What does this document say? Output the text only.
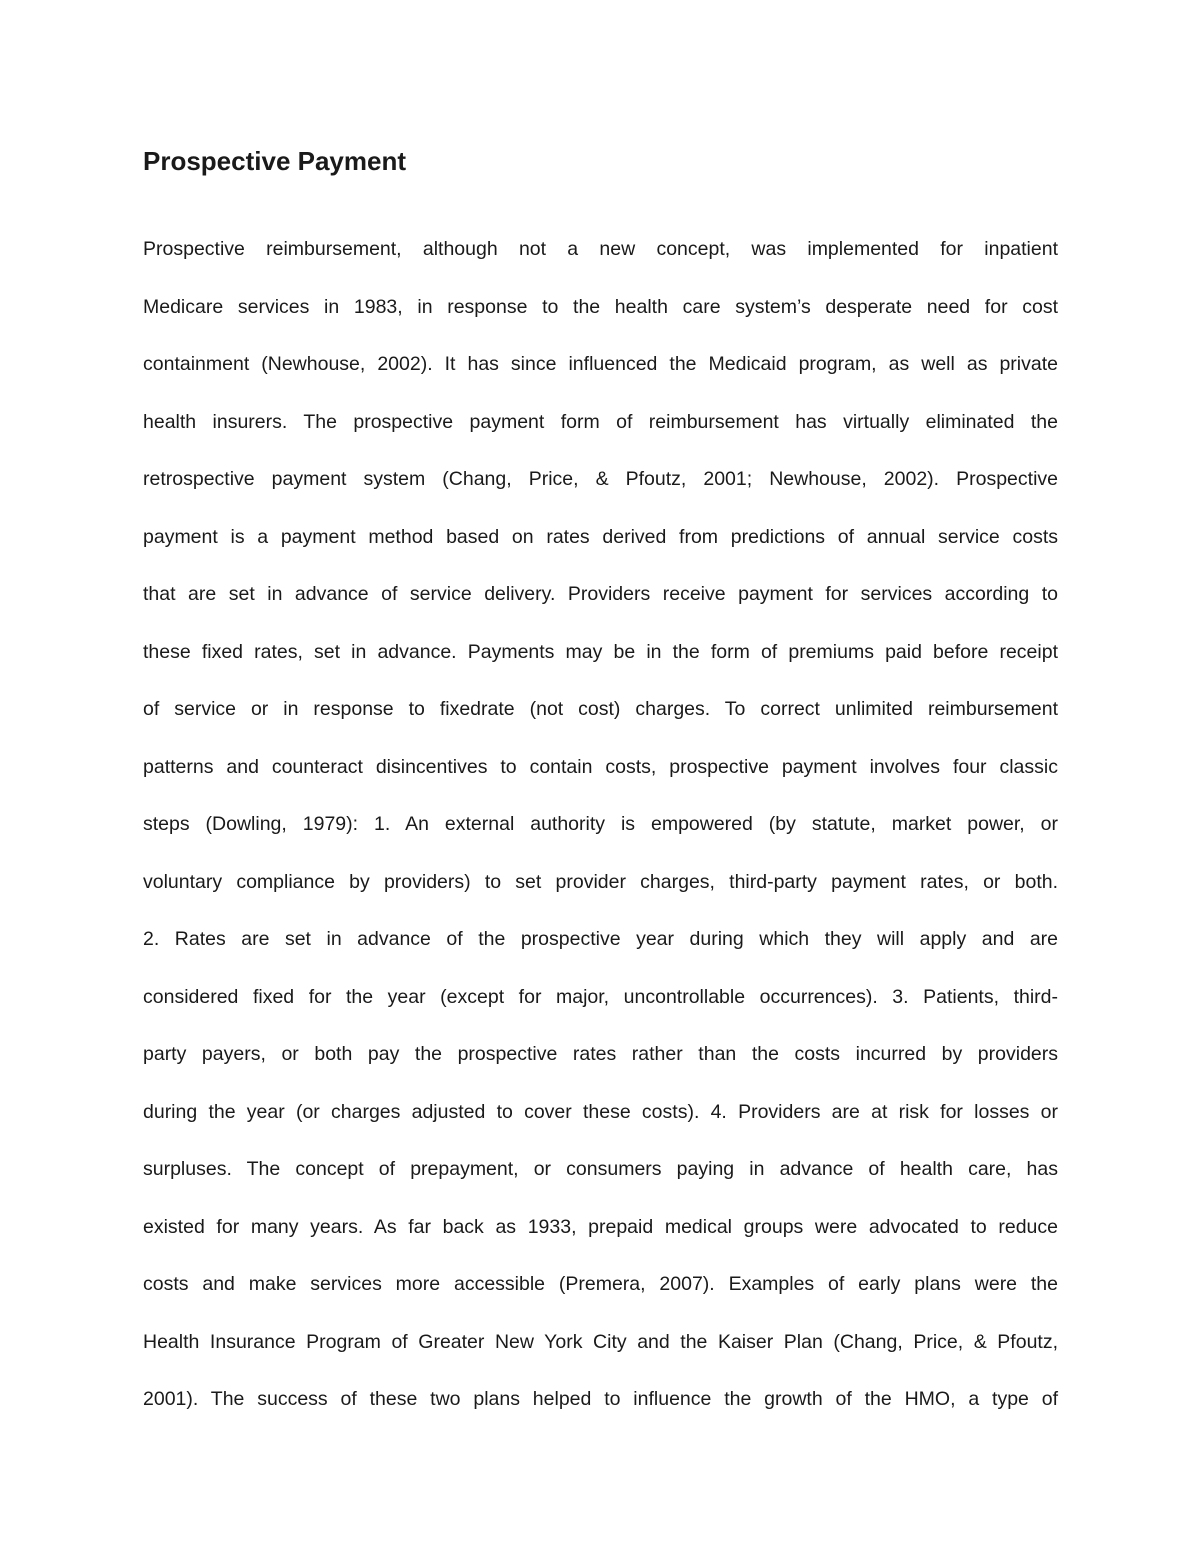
Prospective Payment
Prospective reimbursement, although not a new concept, was implemented for inpatient
Medicare services in 1983, in response to the health care system’s desperate need for cost
containment (Newhouse, 2002). It has since influenced the Medicaid program, as well as private
health insurers. The prospective payment form of reimbursement has virtually eliminated the
retrospective payment system (Chang, Price, & Pfoutz, 2001; Newhouse, 2002). Prospective
payment is a payment method based on rates derived from predictions of annual service costs
that are set in advance of service delivery. Providers receive payment for services according to
these fixed rates, set in advance. Payments may be in the form of premiums paid before receipt
of service or in response to fixedrate (not cost) charges. To correct unlimited reimbursement
patterns and counteract disincentives to contain costs, prospective payment involves four classic
steps (Dowling, 1979): 1. An external authority is empowered (by statute, market power, or
voluntary compliance by providers) to set provider charges, third-party payment rates, or both.
2. Rates are set in advance of the prospective year during which they will apply and are
considered fixed for the year (except for major, uncontrollable occurrences). 3. Patients, third-
party payers, or both pay the prospective rates rather than the costs incurred by providers
during the year (or charges adjusted to cover these costs). 4. Providers are at risk for losses or
surpluses. The concept of prepayment, or consumers paying in advance of health care, has
existed for many years. As far back as 1933, prepaid medical groups were advocated to reduce
costs and make services more accessible (Premera, 2007). Examples of early plans were the
Health Insurance Program of Greater New York City and the Kaiser Plan (Chang, Price, & Pfoutz,
2001). The success of these two plans helped to influence the growth of the HMO, a type of
